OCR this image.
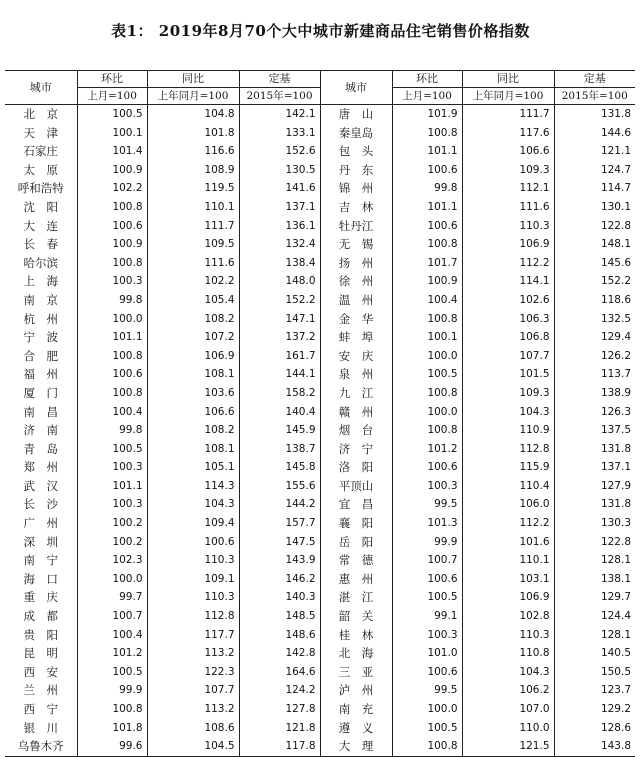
表1： 2019年8月70个大中城市新建商品住宅销售价格指数
城市	环比	同比	定基	城市	环比	同比	定基
	上月=100	上年同月=100	2015年=100		上月=100	上年同月=100	2015年=100
北　京	100.5	104.8	142.1	唐　山	101.9	111.7	131.8
天　津	100.1	101.8	133.1	秦皇岛	100.8	117.6	144.6
石家庄	101.4	116.6	152.6	包　头	101.1	106.6	121.1
太　原	100.9	108.9	130.5	丹　东	100.6	109.3	124.7
呼和浩特	102.2	119.5	141.6	锦　州	99.8	112.1	114.7
沈　阳	100.8	110.1	137.1	吉　林	101.1	111.6	130.1
大　连	100.6	111.7	136.1	牡丹江	100.6	110.3	122.8
长　春	100.9	109.5	132.4	无　锡	100.8	106.9	148.1
哈尔滨	100.8	111.6	138.4	扬　州	101.7	112.2	145.6
上　海	100.3	102.2	148.0	徐　州	100.9	114.1	152.2
南　京	99.8	105.4	152.2	温　州	100.4	102.6	118.6
杭　州	100.0	108.2	147.1	金　华	100.8	106.3	132.5
宁　波	101.1	107.2	137.2	蚌　埠	100.1	106.8	129.4
合　肥	100.8	106.9	161.7	安　庆	100.0	107.7	126.2
福　州	100.6	108.1	144.1	泉　州	100.5	101.5	113.7
厦　门	100.8	103.6	158.2	九　江	100.8	109.3	138.9
南　昌	100.4	106.6	140.4	赣　州	100.0	104.3	126.3
济　南	99.8	108.2	145.9	烟　台	100.8	110.9	137.5
青　岛	100.5	108.1	138.7	济　宁	101.2	112.8	131.8
郑　州	100.3	105.1	145.8	洛　阳	100.6	115.9	137.1
武　汉	101.1	114.3	155.6	平顶山	100.3	110.4	127.9
长　沙	100.3	104.3	144.2	宜　昌	99.5	106.0	131.8
广　州	100.2	109.4	157.7	襄　阳	101.3	112.2	130.3
深　圳	100.2	100.6	147.5	岳　阳	99.9	101.6	122.8
南　宁	102.3	110.3	143.9	常　德	100.7	110.1	128.1
海　口	100.0	109.1	146.2	惠　州	100.6	103.1	138.1
重　庆	99.7	110.3	140.3	湛　江	100.5	106.9	129.7
成　都	100.7	112.8	148.5	韶　关	99.1	102.8	124.4
贵　阳	100.4	117.7	148.6	桂　林	100.3	110.3	128.1
昆　明	101.2	113.2	142.8	北　海	101.0	110.8	140.5
西　安	100.5	122.3	164.6	三　亚	100.6	104.3	150.5
兰　州	99.9	107.7	124.2	泸　州	99.5	106.2	123.7
西　宁	100.8	113.2	127.8	南　充	100.0	107.0	129.2
银　川	101.8	108.6	121.8	遵　义	100.5	110.0	128.6
乌鲁木齐	99.6	104.5	117.8	大　理	100.8	121.5	143.8
